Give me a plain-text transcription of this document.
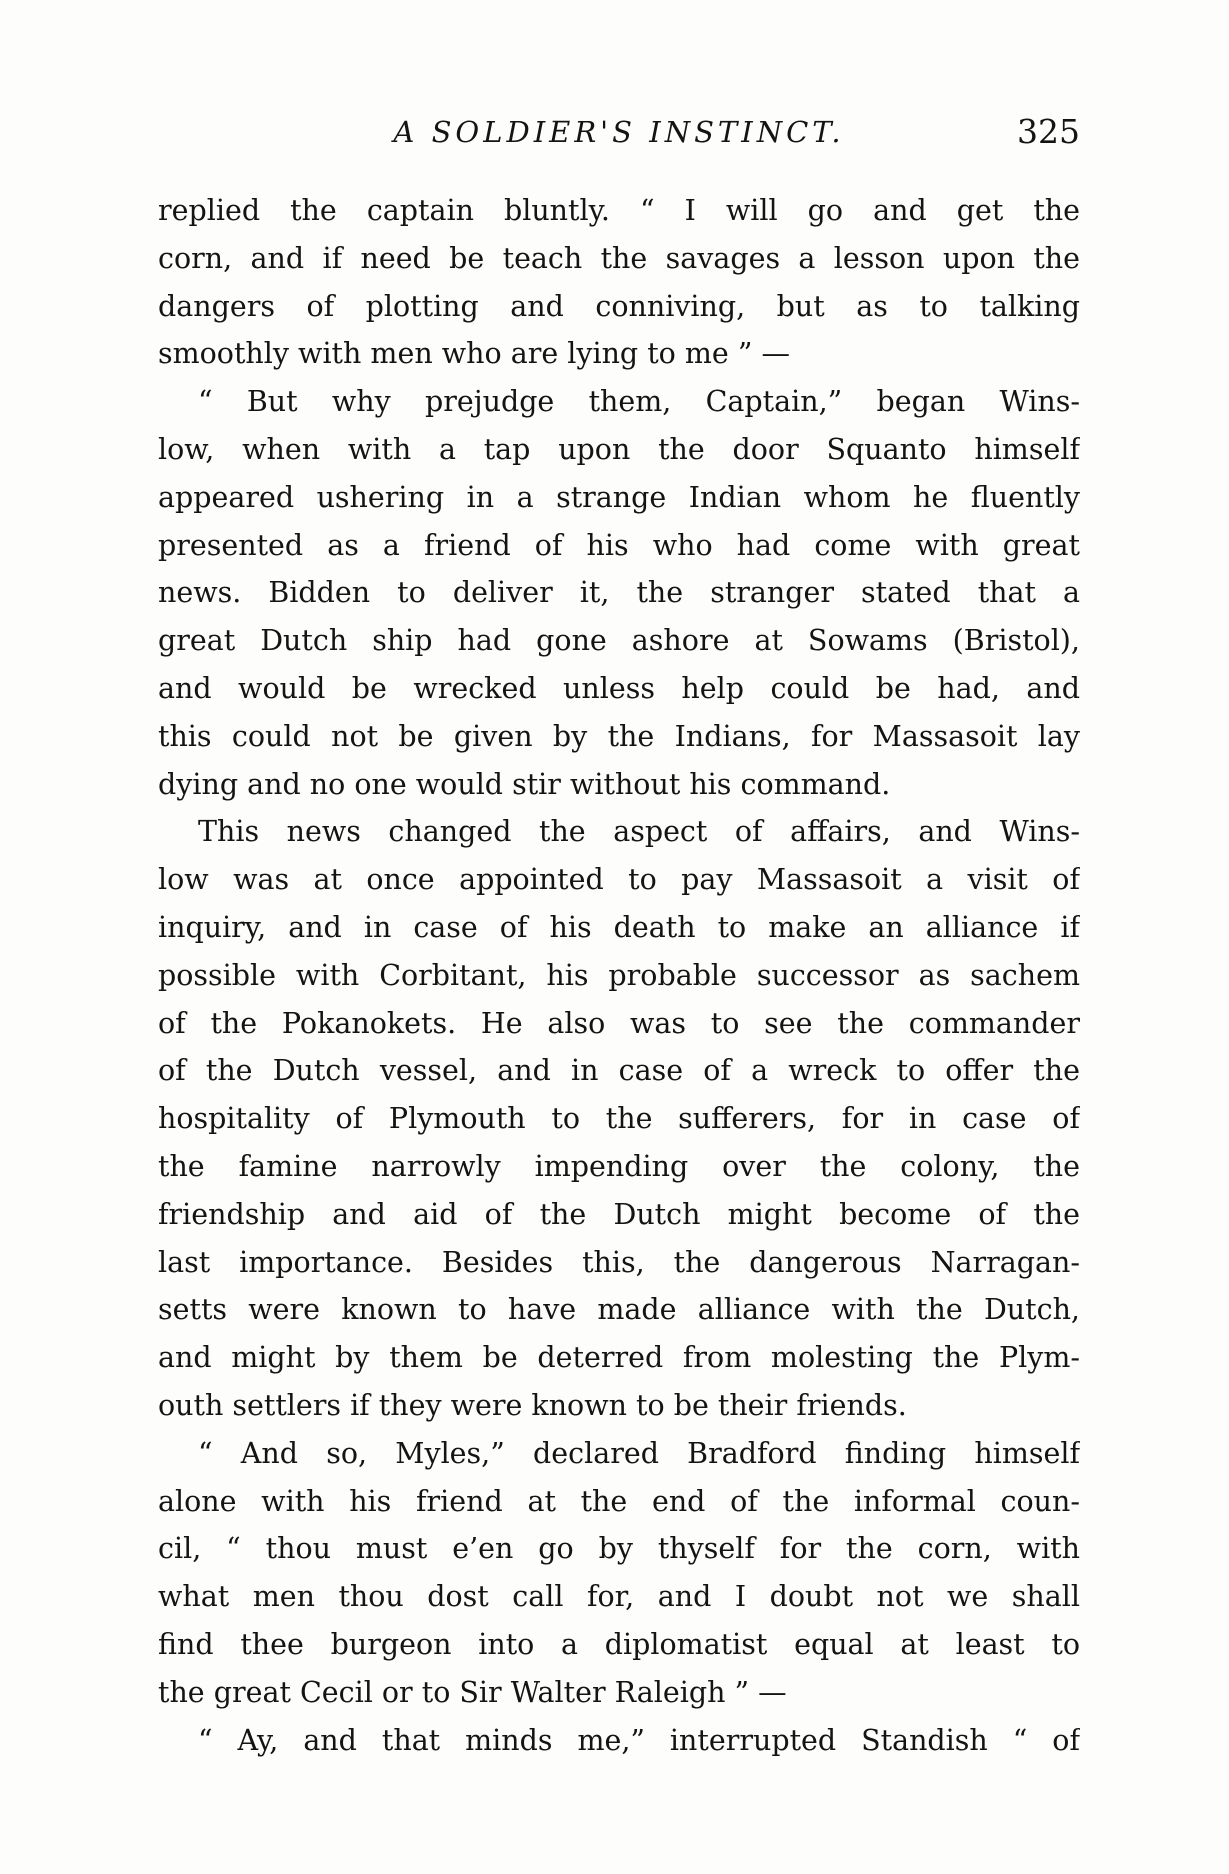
A SOLDIER'S INSTINCT.	325
replied the captain bluntly. “ I will go and get the
corn, and if need be teach the savages a lesson upon the
dangers of plotting and conniving, but as to talking
smoothly with men who are lying to me ” —
“ But why prejudge them, Captain,” began Wins-
low, when with a tap upon the door Squanto himself
appeared ushering in a strange Indian whom he fluently
presented as a friend of his who had come with great
news. Bidden to deliver it, the stranger stated that a
great Dutch ship had gone ashore at Sowams (Bristol),
and would be wrecked unless help could be had, and
this could not be given by the Indians, for Massasoit lay
dying and no one would stir without his command.
This news changed the aspect of affairs, and Wins-
low was at once appointed to pay Massasoit a visit of
inquiry, and in case of his death to make an alliance if
possible with Corbitant, his probable successor as sachem
of the Pokanokets. He also was to see the commander
of the Dutch vessel, and in case of a wreck to offer the
hospitality of Plymouth to the sufferers, for in case of
the famine narrowly impending over the colony, the
friendship and aid of the Dutch might become of the
last importance. Besides this, the dangerous Narragan-
setts were known to have made alliance with the Dutch,
and might by them be deterred from molesting the Plym-
outh settlers if they were known to be their friends.
“ And so, Myles,” declared Bradford finding himself
alone with his friend at the end of the informal coun-
cil, “ thou must e’en go by thyself for the corn, with
what men thou dost call for, and I doubt not we shall
find thee burgeon into a diplomatist equal at least to
the great Cecil or to Sir Walter Raleigh ” —
“ Ay, and that minds me,” interrupted Standish “ of
